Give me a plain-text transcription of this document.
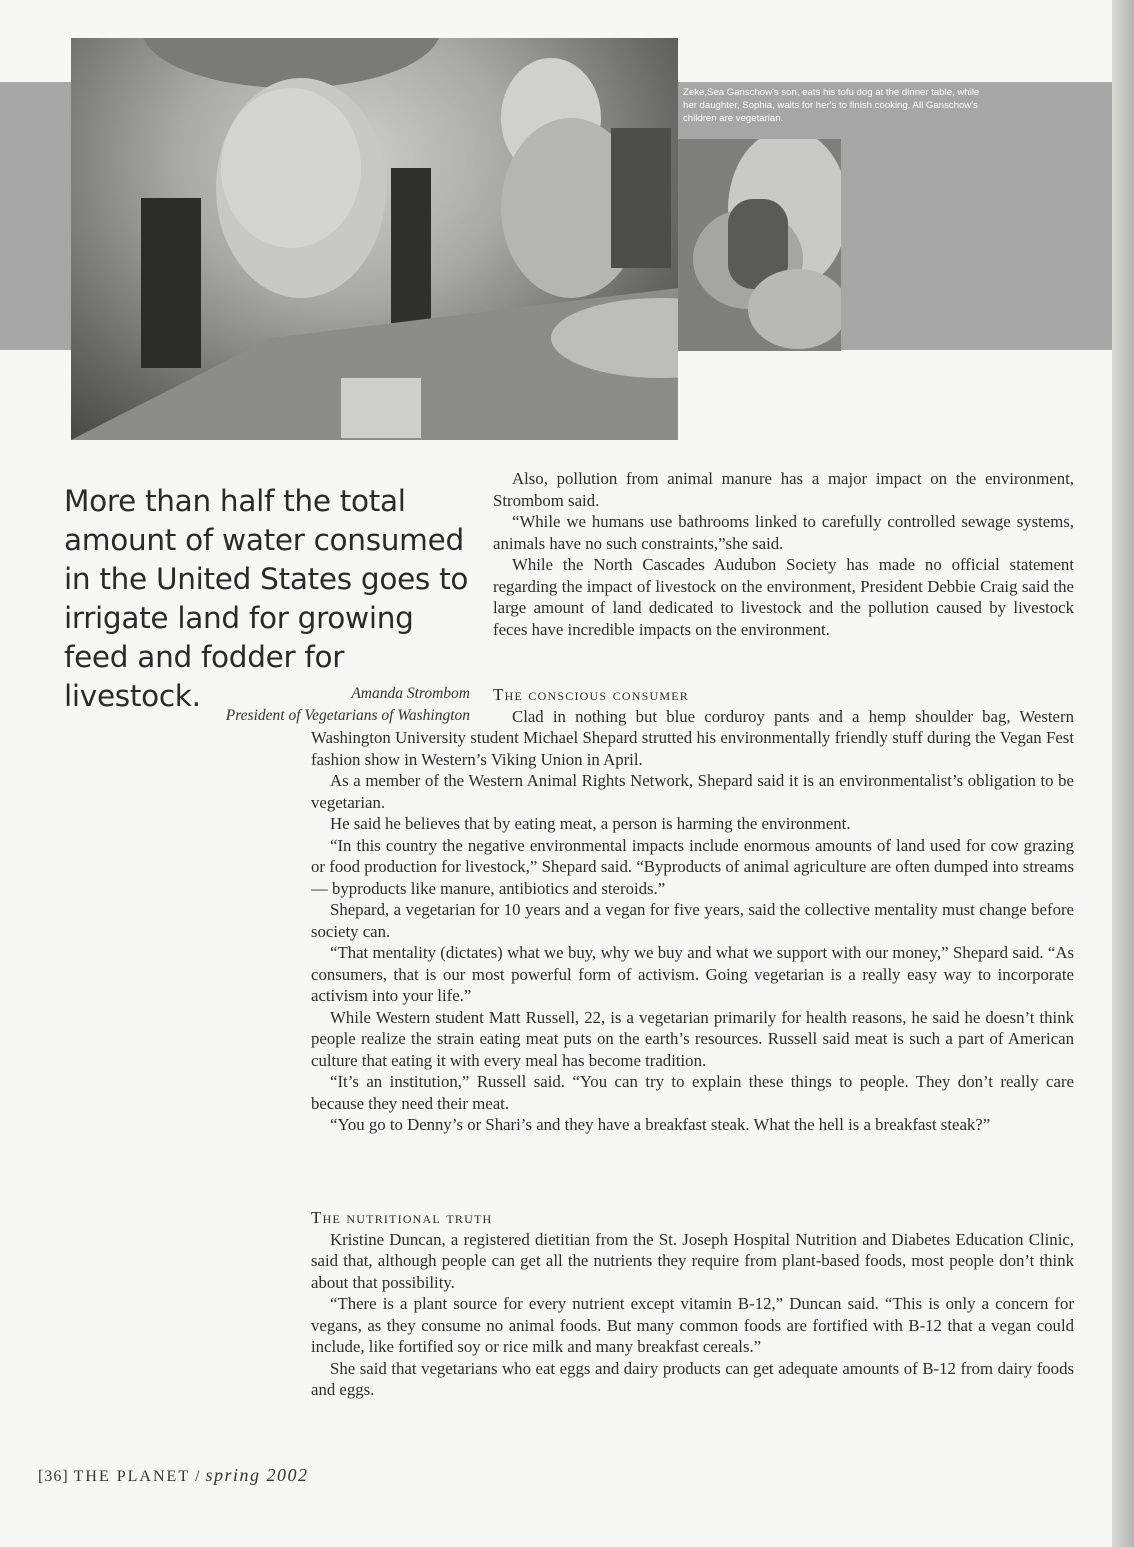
Zeke,Sea Ganschow's son, eats his tofu dog at the dinner table, while her daughter, Sophia, waits for her's to finish cooking. All Ganschow's children are vegetarian.
More than half the total amount of water consumed in the United States goes to irrigate land for growing feed and fodder for livestock.	Amanda Strombom
President of Vegetarians of Washington

Also, pollution from animal manure has a major impact on the environment, Strombom said.

“While we humans use bathrooms linked to carefully controlled sewage systems, animals have no such constraints,”she said.

While the North Cascades Audubon Society has made no official statement regarding the impact of livestock on the environment, President Debbie Craig said the large amount of land dedicated to livestock and the pollution caused by livestock feces have incredible impacts on the environment.

The conscious consumer

Clad in nothing but blue corduroy pants and a hemp shoulder bag, Western Washington University student Michael Shepard strutted his environmentally friendly stuff during the Vegan Fest fashion show in Western’s Viking Union in April.

As a member of the Western Animal Rights Network, Shepard said it is an environmentalist’s obligation to be vegetarian.

He said he believes that by eating meat, a person is harming the environment.

“In this country the negative environmental impacts include enormous amounts of land used for cow grazing or food production for livestock,” Shepard said. “Byproducts of animal agriculture are often dumped into streams — byproducts like manure, antibiotics and steroids.”

Shepard, a vegetarian for 10 years and a vegan for five years, said the collective mentality must change before society can.

“That mentality (dictates) what we buy, why we buy and what we support with our money,” Shepard said. “As consumers, that is our most powerful form of activism. Going vegetarian is a really easy way to incorporate activism into your life.”

While Western student Matt Russell, 22, is a vegetarian primarily for health reasons, he said he doesn’t think people realize the strain eating meat puts on the earth’s resources. Russell said meat is such a part of American culture that eating it with every meal has become tradition.

“It’s an institution,” Russell said. “You can try to explain these things to people. They don’t really care because they need their meat.

“You go to Denny’s or Shari’s and they have a breakfast steak. What the hell is a breakfast steak?”

The nutritional truth

Kristine Duncan, a registered dietitian from the St. Joseph Hospital Nutrition and Diabetes Education Clinic, said that, although people can get all the nutrients they require from plant-based foods, most people don’t think about that possibility.

“There is a plant source for every nutrient except vitamin B-12,” Duncan said. “This is only a concern for vegans, as they consume no animal foods. But many common foods are fortified with B-12 that a vegan could include, like fortified soy or rice milk and many breakfast cereals.”

She said that vegetarians who eat eggs and dairy products can get adequate amounts of B-12 from dairy foods and eggs.

[36] THE PLANET / spring 2002
